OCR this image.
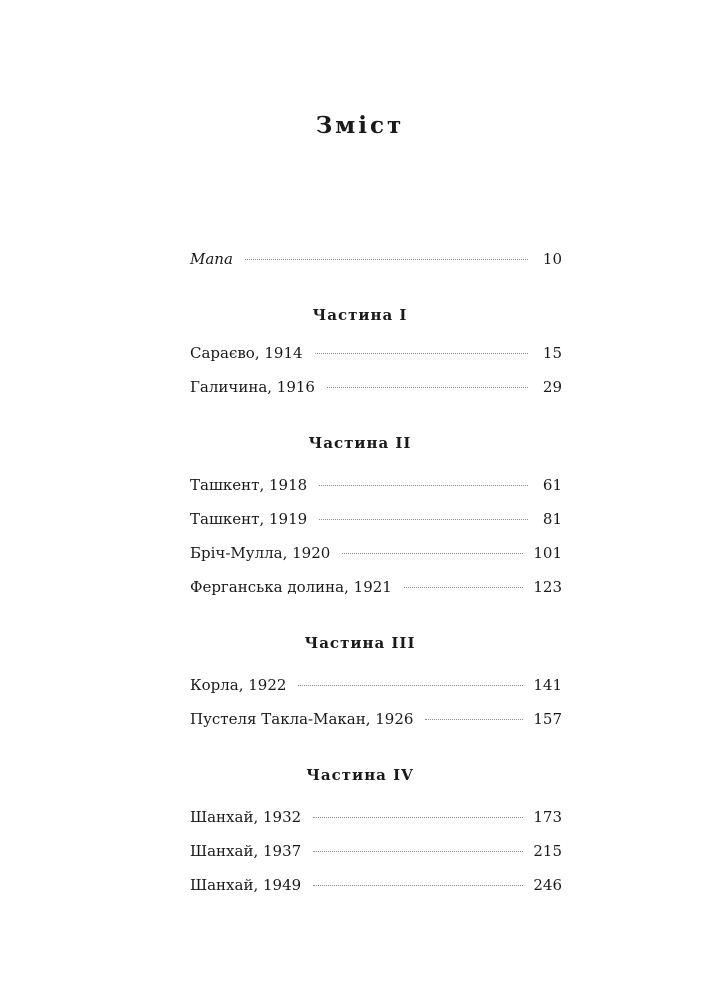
Зміст
Мапа	10
Частина I
Сараєво, 1914	15
Галичина, 1916	29
Частина II
Ташкент, 1918	61
Ташкент, 1919	81
Бріч-Мулла, 1920	101
Ферганська долина, 1921	123
Частина III
Корла, 1922	141
Пустеля Такла-Макан, 1926	157
Частина IV
Шанхай, 1932	173
Шанхай, 1937	215
Шанхай, 1949	246
